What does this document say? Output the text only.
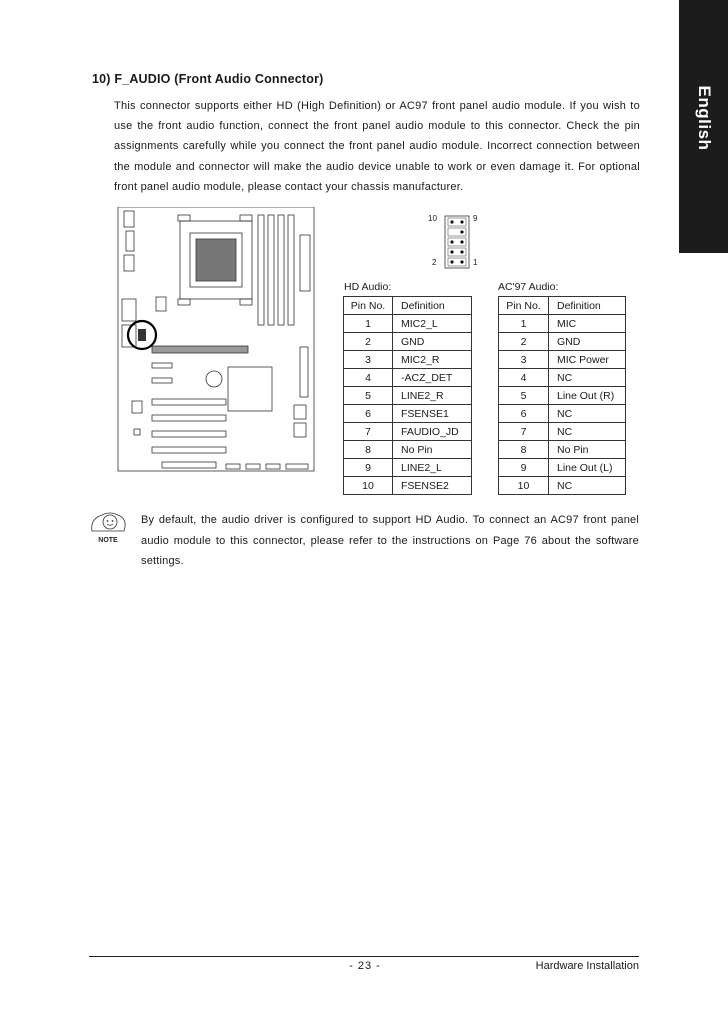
English
10) F_AUDIO (Front Audio Connector)
This connector supports either HD (High Definition) or AC97 front panel audio module. If you wish to use the front audio function, connect the front panel audio module to this connector. Check the pin assignments carefully while you connect the front panel audio module. Incorrect connection between the module and connector will make the audio device unable to work or even damage it. For optional front panel audio module, please contact your chassis manufacturer.
10	9
2	1
HD Audio:
Pin No.	Definition
1	MIC2_L
2	GND
3	MIC2_R
4	-ACZ_DET
5	LINE2_R
6	FSENSE1
7	FAUDIO_JD
8	No Pin
9	LINE2_L
10	FSENSE2
AC'97 Audio:
Pin No.	Definition
1	MIC
2	GND
3	MIC Power
4	NC
5	Line Out (R)
6	NC
7	NC
8	No Pin
9	Line Out (L)
10	NC
NOTE
By default, the audio driver is configured to support HD Audio. To connect an AC97 front panel audio module to this connector, please refer to the instructions on Page 76 about the software settings.
- 23 -	Hardware Installation
